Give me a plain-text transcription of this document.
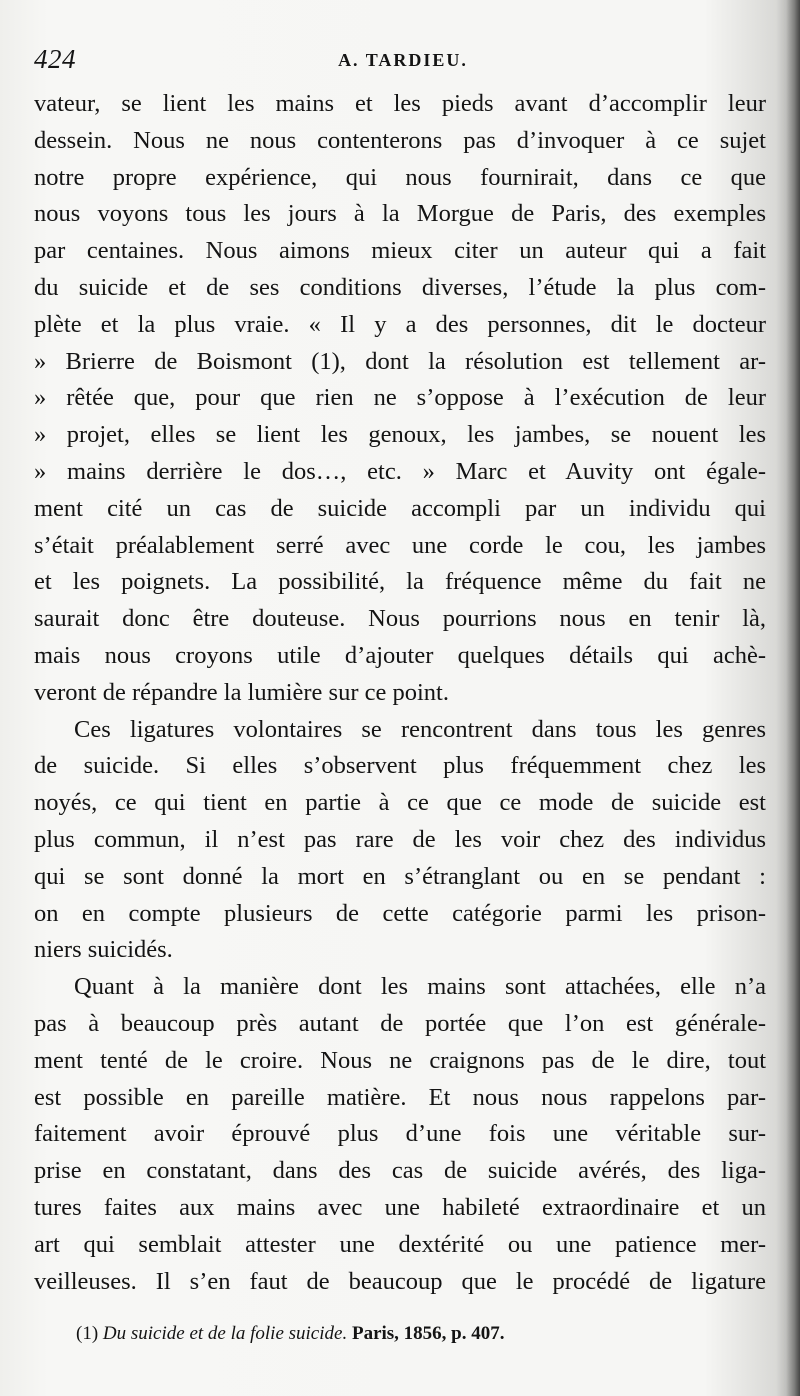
424	A. TARDIEU.
vateur, se lient les mains et les pieds avant d’accomplir leur
dessein. Nous ne nous contenterons pas d’invoquer à ce sujet
notre propre expérience, qui nous fournirait, dans ce que
nous voyons tous les jours à la Morgue de Paris, des exemples
par centaines. Nous aimons mieux citer un auteur qui a fait
du suicide et de ses conditions diverses, l’étude la plus com-
plète et la plus vraie. « Il y a des personnes, dit le docteur
» Brierre de Boismont (1), dont la résolution est tellement ar-
» rêtée que, pour que rien ne s’oppose à l’exécution de leur
» projet, elles se lient les genoux, les jambes, se nouent les
» mains derrière le dos…, etc. » Marc et Auvity ont égale-
ment cité un cas de suicide accompli par un individu qui
s’était préalablement serré avec une corde le cou, les jambes
et les poignets. La possibilité, la fréquence même du fait ne
saurait donc être douteuse. Nous pourrions nous en tenir là,
mais nous croyons utile d’ajouter quelques détails qui achè-
veront de répandre la lumière sur ce point.
Ces ligatures volontaires se rencontrent dans tous les genres
de suicide. Si elles s’observent plus fréquemment chez les
noyés, ce qui tient en partie à ce que ce mode de suicide est
plus commun, il n’est pas rare de les voir chez des individus
qui se sont donné la mort en s’étranglant ou en se pendant :
on en compte plusieurs de cette catégorie parmi les prison-
niers suicidés.
Quant à la manière dont les mains sont attachées, elle n’a
pas à beaucoup près autant de portée que l’on est générale-
ment tenté de le croire. Nous ne craignons pas de le dire, tout
est possible en pareille matière. Et nous nous rappelons par-
faitement avoir éprouvé plus d’une fois une véritable sur-
prise en constatant, dans des cas de suicide avérés, des liga-
tures faites aux mains avec une habileté extraordinaire et un
art qui semblait attester une dextérité ou une patience mer-
veilleuses. Il s’en faut de beaucoup que le procédé de ligature
(1) Du suicide et de la folie suicide. Paris, 1856, p. 407.
